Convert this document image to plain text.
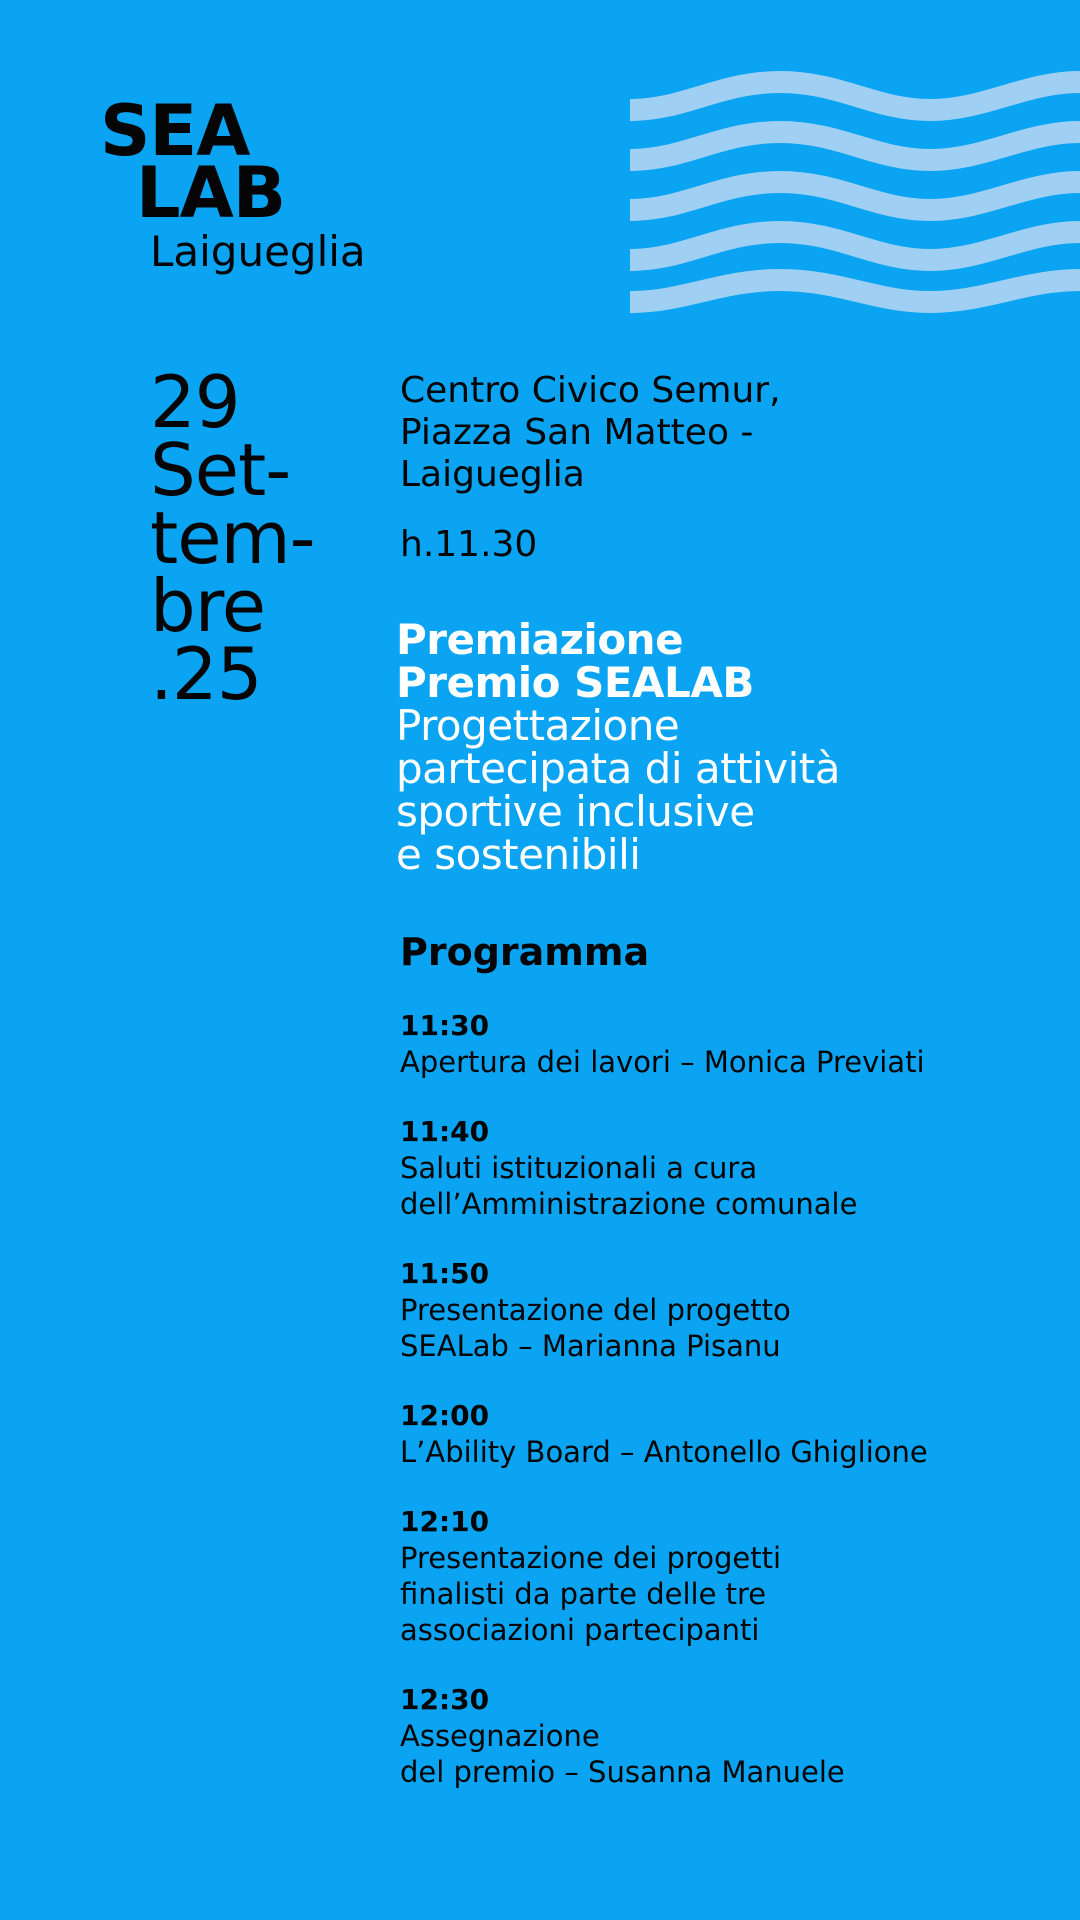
SEA
LAB
Laigueglia
29
Set-
tem-
bre
.25
Centro Civico Semur,
Piazza San Matteo -
Laigueglia
h.11.30
Premiazione
Premio SEALAB
Progettazione
partecipata di attività
sportive inclusive
e sostenibili
Programma
11:30
Apertura dei lavori – Monica Previati
11:40
Saluti istituzionali a cura
dell’Amministrazione comunale
11:50
Presentazione del progetto
SEALab – Marianna Pisanu
12:00
L’Ability Board – Antonello Ghiglione
12:10
Presentazione dei progetti
finalisti da parte delle tre
associazioni partecipanti
12:30
Assegnazione
del premio – Susanna Manuele
